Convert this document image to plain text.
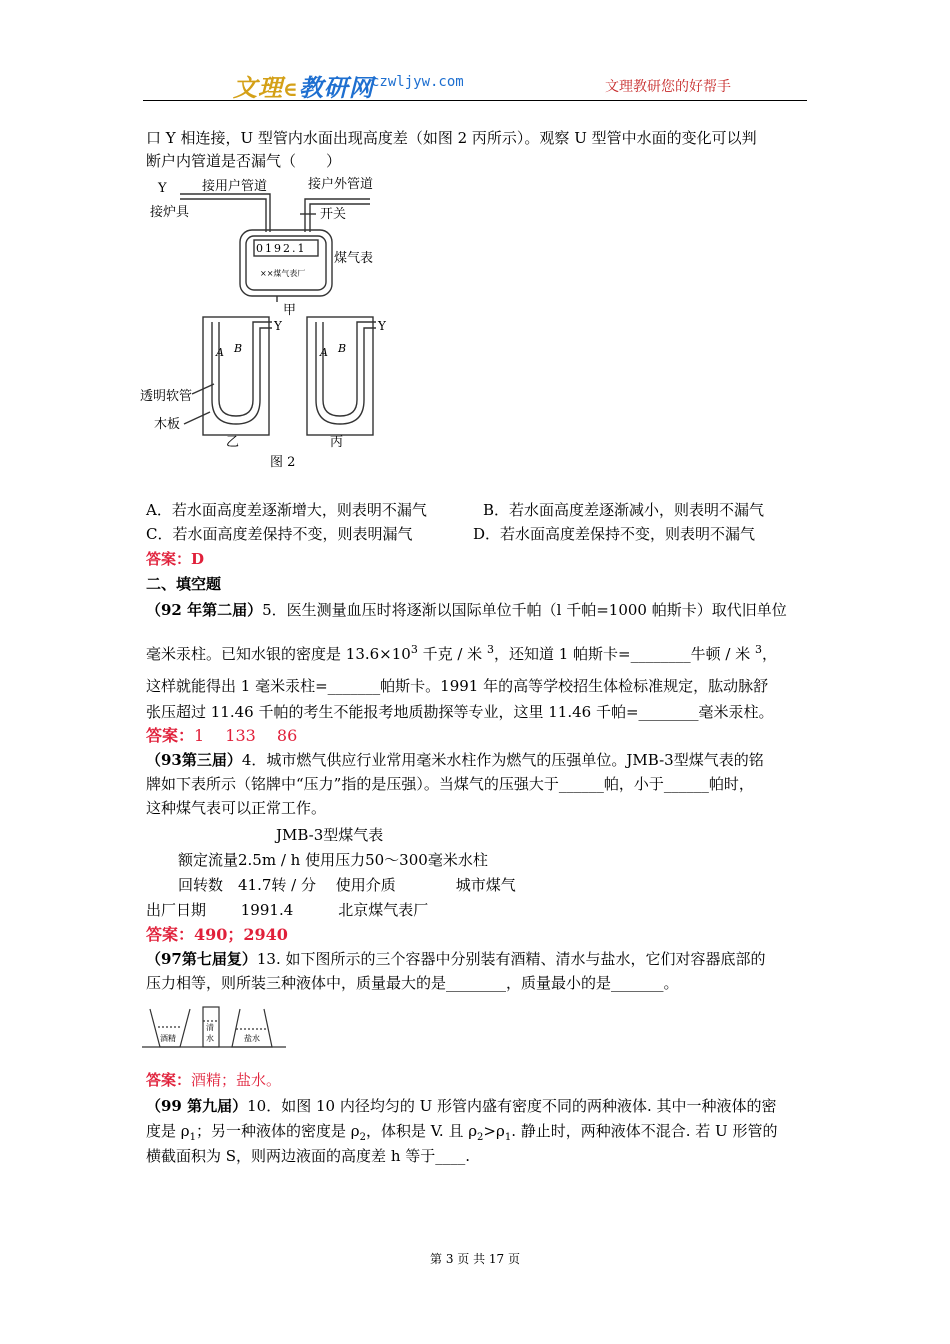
文理∈教研网
czwljyw.com	文理教研您的好帮手
口 Y 相连接，U 型管内水面出现高度差（如图 2 丙所示）。观察 U 型管中水面的变化可以判
断户内管道是否漏气（　　）
Y	接用户管道	接户外管道
接炉具	开关
0192.1
××煤气表厂
煤气表
甲
A B
Y
A B
Y
透明软管
木板
乙	丙
图 2
A．若水面高度差逐渐增大，则表明不漏气	B．若水面高度差逐渐减小，则表明不漏气
C．若水面高度差保持不变，则表明漏气	D．若水面高度差保持不变，则表明不漏气
答案：D
二、填空题
（92 年第二届）5．医生测量血压时将逐渐以国际单位千帕（l 千帕=1000 帕斯卡）取代旧单位
毫米汞柱。已知水银的密度是 $13.6\times 10^3$ 千克 / 米 $^3$，还知道 1 帕斯卡=________牛顿 / 米 $^3$，
这样就能得出 1 毫米汞柱=_______帕斯卡。1991 年的高等学校招生体检标准规定，肱动脉舒
张压超过 11.46 千帕的考生不能报考地质勘探等专业，这里 11.46 千帕=________毫米汞柱。
答案：1　 133　 86
（93第三届）4．城市燃气供应行业常用毫米水柱作为燃气的压强单位。JMB-3型煤气表的铭
牌如下表所示（铭牌中“压力”指的是压强）。当煤气的压强大于______帕，小于______帕时，
这种煤气表可以正常工作。
JMB-3型煤气表
额定流量2.5m / h 使用压力50～300毫米水柱
回转数　41.7转 / 分　 使用介质　　　　城市煤气
出厂日期　　 1991.4　　　北京煤气表厂
答案：490；2940
（97第七届复）13. 如下图所示的三个容器中分别装有酒精、清水与盐水，它们对容器底部的
压力相等，则所装三种液体中，质量最大的是________，质量最小的是_______。
酒精
清
水	盐水
答案：酒精；盐水。
（99 第九届）10．如图 10 内径均匀的 U 形管内盛有密度不同的两种液体. 其中一种液体的密
度是 $\rho_1$；另一种液体的密度是 $\rho_2$，体积是 V. 且 $\rho_2>\rho_1$. 静止时，两种液体不混合. 若 U 形管的
横截面积为 S，则两边液面的高度差 h 等于____.
第 3 页 共 17 页
